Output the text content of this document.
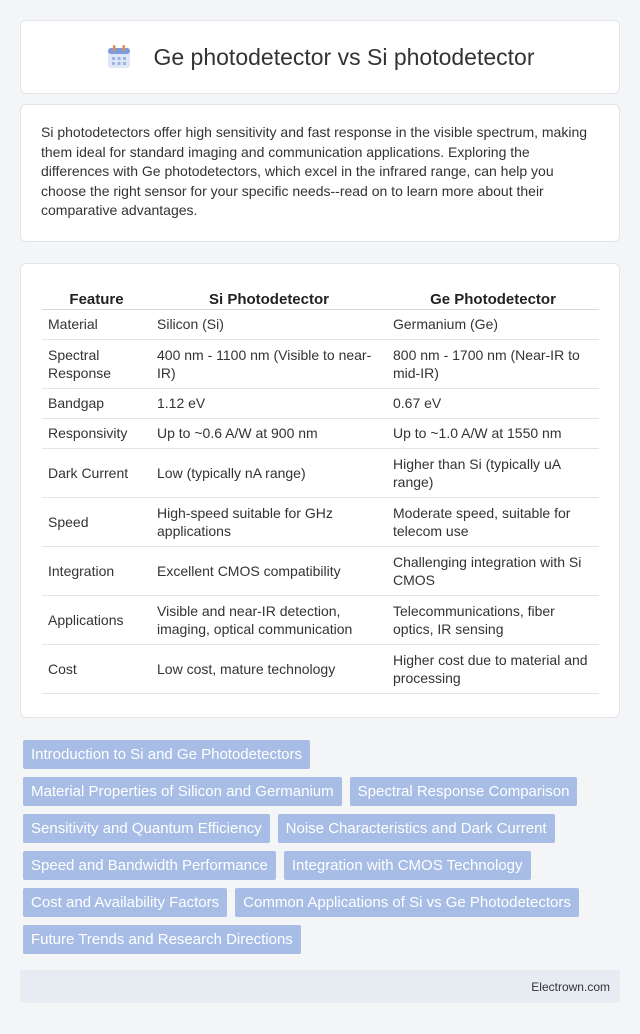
Ge photodetector vs Si photodetector

Si photodetectors offer high sensitivity and fast response in the visible spectrum, making them ideal for standard imaging and communication applications. Exploring the differences with Ge photodetectors, which excel in the infrared range, can help you choose the right sensor for your specific needs--read on to learn more about their comparative advantages.

Feature	Si Photodetector	Ge Photodetector
Material	Silicon (Si)	Germanium (Ge)
Spectral Response	400 nm - 1100 nm (Visible to near-IR)	800 nm - 1700 nm (Near-IR to mid-IR)
Bandgap	1.12 eV	0.67 eV
Responsivity	Up to ~0.6 A/W at 900 nm	Up to ~1.0 A/W at 1550 nm
Dark Current	Low (typically nA range)	Higher than Si (typically uA range)
Speed	High-speed suitable for GHz applications	Moderate speed, suitable for telecom use
Integration	Excellent CMOS compatibility	Challenging integration with Si CMOS
Applications	Visible and near-IR detection, imaging, optical communication	Telecommunications, fiber optics, IR sensing
Cost	Low cost, mature technology	Higher cost due to material and processing
Introduction to Si and Ge Photodetectors
Material Properties of Silicon and Germanium	Spectral Response Comparison
Sensitivity and Quantum Efficiency	Noise Characteristics and Dark Current
Speed and Bandwidth Performance	Integration with CMOS Technology
Cost and Availability Factors	Common Applications of Si vs Ge Photodetectors
Future Trends and Research Directions
Electrown.com
